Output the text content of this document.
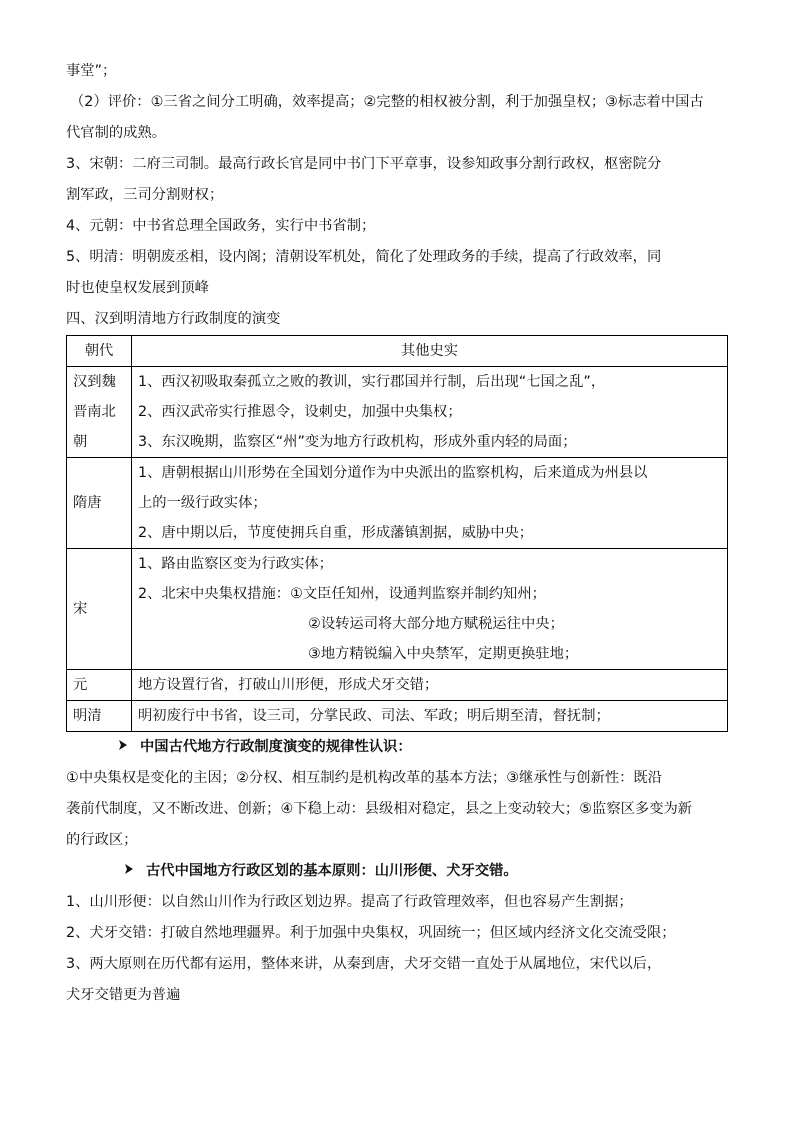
事堂”；

（2）评价：①三省之间分工明确，效率提高；②完整的相权被分割，利于加强皇权；③标志着中国古

代官制的成熟。

3、宋朝：二府三司制。最高行政长官是同中书门下平章事，设参知政事分割行政权，枢密院分

割军政，三司分割财权；

4、元朝：中书省总理全国政务，实行中书省制；

5、明清：明朝废丞相，设内阁；清朝设军机处，简化了处理政务的手续，提高了行政效率，同

时也使皇权发展到顶峰

四、汉到明清地方行政制度的演变

朝代	其他史实
汉到魏晋南北朝	1、西汉初吸取秦孤立之败的教训，实行郡国并行制，后出现“七国之乱”，
2、西汉武帝实行推恩令，设刺史，加强中央集权；
3、东汉晚期，监察区“州”变为地方行政机构，形成外重内轻的局面；

隋唐	1、唐朝根据山川形势在全国划分道作为中央派出的监察机构，后来道成为州县以
上的一级行政实体；
2、唐中期以后，节度使拥兵自重，形成藩镇割据，威胁中央；

宋	1、路由监察区变为行政实体；
2、北宋中央集权措施：①文臣任知州，设通判监察并制约知州；
②设转运司将大部分地方赋税运往中央；
③地方精锐编入中央禁军，定期更换驻地；

元	地方设置行省，打破山川形便，形成犬牙交错；

明清	明初废行中书省，设三司，分掌民政、司法、军政；明后期至清，督抚制；

中国古代地方行政制度演变的规律性认识：

①中央集权是变化的主因；②分权、相互制约是机构改革的基本方法；③继承性与创新性：既沿

袭前代制度，又不断改进、创新；④下稳上动：县级相对稳定，县之上变动较大；⑤监察区多变为新

的行政区；

古代中国地方行政区划的基本原则：山川形便、犬牙交错。

1、山川形便：以自然山川作为行政区划边界。提高了行政管理效率，但也容易产生割据；

2、犬牙交错：打破自然地理疆界。利于加强中央集权，巩固统一；但区域内经济文化交流受限；

3、两大原则在历代都有运用，整体来讲，从秦到唐，犬牙交错一直处于从属地位，宋代以后，

犬牙交错更为普遍
